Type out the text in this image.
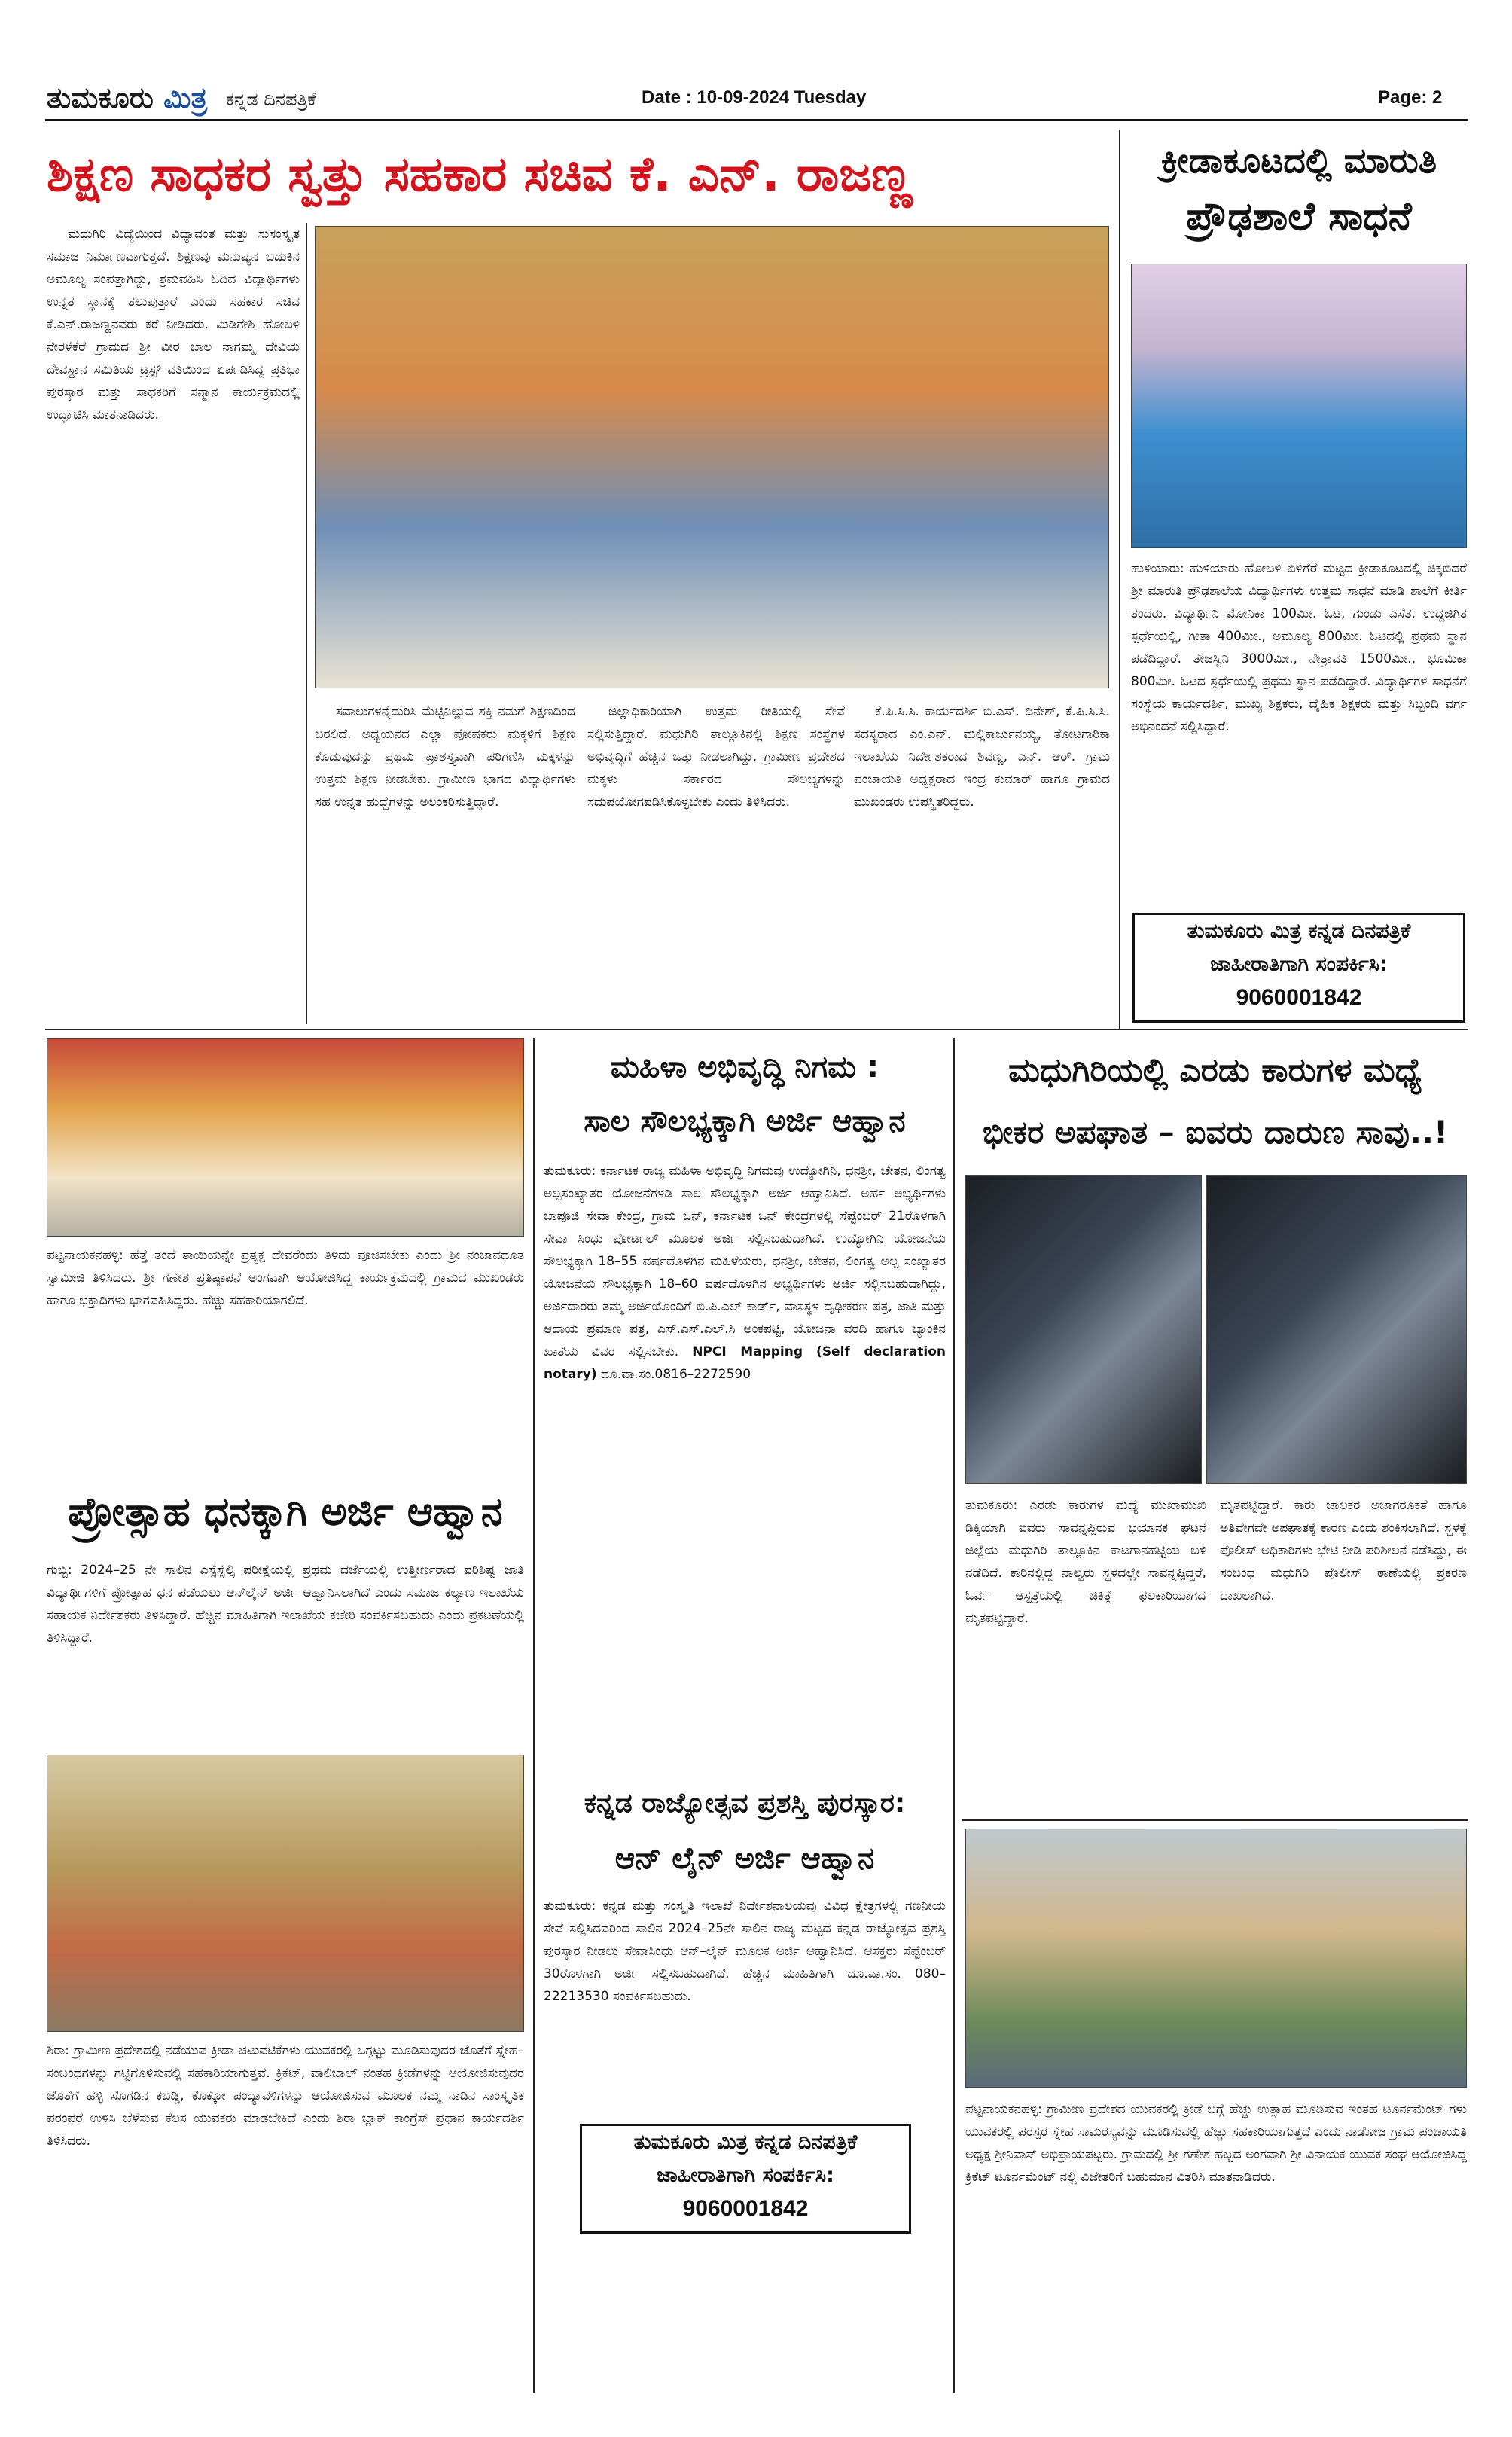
ತುಮಕೂರು ಮಿತ್ರ ಕನ್ನಡ ದಿನಪತ್ರಿಕೆ	Date : 10-09-2024 Tuesday	Page: 2
ಶಿಕ್ಷಣ ಸಾಧಕರ ಸ್ವತ್ತು ಸಹಕಾರ ಸಚಿವ ಕೆ. ಎನ್. ರಾಜಣ್ಣ

ಮಧುಗಿರಿ ವಿದ್ಯೆಯಿಂದ ವಿದ್ಯಾವಂತ ಮತ್ತು ಸುಸಂಸ್ಕೃತ ಸಮಾಜ ನಿರ್ಮಾಣವಾಗುತ್ತದೆ. ಶಿಕ್ಷಣವು ಮನುಷ್ಯನ ಬದುಕಿನ ಅಮೂಲ್ಯ ಸಂಪತ್ತಾಗಿದ್ದು, ಶ್ರಮವಹಿಸಿ ಓದಿದ ವಿದ್ಯಾರ್ಥಿಗಳು ಉನ್ನತ ಸ್ಥಾನಕ್ಕೆ ತಲುಪುತ್ತಾರೆ ಎಂದು ಸಹಕಾರ ಸಚಿವ ಕೆ.ಎನ್.ರಾಜಣ್ಣನವರು ಕರೆ ನೀಡಿದರು. ಮಿಡಿಗೇಶಿ ಹೋಬಳಿ ನೇರಳೆಕೆರೆ ಗ್ರಾಮದ ಶ್ರೀ ವೀರ ಬಾಲ ನಾಗಮ್ಮ ದೇವಿಯ ದೇವಸ್ಥಾನ ಸಮಿತಿಯ ಟ್ರಸ್ಟ್ ವತಿಯಿಂದ ಏರ್ಪಡಿಸಿದ್ದ ಪ್ರತಿಭಾ ಪುರಸ್ಕಾರ ಮತ್ತು ಸಾಧಕರಿಗೆ ಸನ್ಮಾನ ಕಾರ್ಯಕ್ರಮದಲ್ಲಿ ಉದ್ಘಾಟಿಸಿ ಮಾತನಾಡಿದರು.

ಸವಾಲುಗಳನ್ನೆದುರಿಸಿ ಮೆಟ್ಟಿನಿಲ್ಲುವ ಶಕ್ತಿ ನಮಗೆ ಶಿಕ್ಷಣದಿಂದ ಬರಲಿದೆ. ಅಧ್ಯಯನದ ಎಲ್ಲಾ ಪೋಷಕರು ಮಕ್ಕಳಿಗೆ ಶಿಕ್ಷಣ ಕೊಡುವುದನ್ನು ಪ್ರಥಮ ಪ್ರಾಶಸ್ತ್ಯವಾಗಿ ಪರಿಗಣಿಸಿ ಮಕ್ಕಳನ್ನು ಉತ್ತಮ ಶಿಕ್ಷಣ ನೀಡಬೇಕು. ಗ್ರಾಮೀಣ ಭಾಗದ ವಿದ್ಯಾರ್ಥಿಗಳು ಸಹ ಉನ್ನತ ಹುದ್ದೆಗಳನ್ನು ಅಲಂಕರಿಸುತ್ತಿದ್ದಾರೆ.

ಜಿಲ್ಲಾಧಿಕಾರಿಯಾಗಿ ಉತ್ತಮ ರೀತಿಯಲ್ಲಿ ಸೇವೆ ಸಲ್ಲಿಸುತ್ತಿದ್ದಾರೆ. ಮಧುಗಿರಿ ತಾಲ್ಲೂಕಿನಲ್ಲಿ ಶಿಕ್ಷಣ ಸಂಸ್ಥೆಗಳ ಅಭಿವೃದ್ಧಿಗೆ ಹೆಚ್ಚಿನ ಒತ್ತು ನೀಡಲಾಗಿದ್ದು, ಗ್ರಾಮೀಣ ಪ್ರದೇಶದ ಮಕ್ಕಳು ಸರ್ಕಾರದ ಸೌಲಭ್ಯಗಳನ್ನು ಸದುಪಯೋಗಪಡಿಸಿಕೊಳ್ಳಬೇಕು ಎಂದು ತಿಳಿಸಿದರು.

ಕೆ.ಪಿ.ಸಿ.ಸಿ. ಕಾರ್ಯದರ್ಶಿ ಬಿ.ಎಸ್. ದಿನೇಶ್, ಕೆ.ಪಿ.ಸಿ.ಸಿ. ಸದಸ್ಯರಾದ ಎಂ.ಎನ್. ಮಲ್ಲಿಕಾರ್ಜುನಯ್ಯ, ತೋಟಗಾರಿಕಾ ಇಲಾಖೆಯ ನಿರ್ದೇಶಕರಾದ ಶಿವಣ್ಣ, ಎನ್. ಆರ್. ಗ್ರಾಮ ಪಂಚಾಯತಿ ಅಧ್ಯಕ್ಷರಾದ ಇಂದ್ರ ಕುಮಾರ್ ಹಾಗೂ ಗ್ರಾಮದ ಮುಖಂಡರು ಉಪಸ್ಥಿತರಿದ್ದರು.

ಕ್ರೀಡಾಕೂಟದಲ್ಲಿ ಮಾರುತಿ
ಪ್ರೌಢಶಾಲೆ ಸಾಧನೆ
ಹುಳಿಯಾರು: ಹುಳಿಯಾರು ಹೋಬಳಿ ಬಿಳಿಗೆರೆ ಮಟ್ಟದ ಕ್ರೀಡಾಕೂಟದಲ್ಲಿ ಚಿಕ್ಕಬಿದರೆ ಶ್ರೀ ಮಾರುತಿ ಪ್ರೌಢಶಾಲೆಯ ವಿದ್ಯಾರ್ಥಿಗಳು ಉತ್ತಮ ಸಾಧನೆ ಮಾಡಿ ಶಾಲೆಗೆ ಕೀರ್ತಿ ತಂದರು. ವಿದ್ಯಾರ್ಥಿನಿ ಮೋನಿಕಾ 100ಮೀ. ಓಟ, ಗುಂಡು ಎಸೆತ, ಉದ್ದಜಿಗಿತ ಸ್ಪರ್ಧೆಯಲ್ಲಿ, ಗೀತಾ 400ಮೀ., ಅಮೂಲ್ಯ 800ಮೀ. ಓಟದಲ್ಲಿ ಪ್ರಥಮ ಸ್ಥಾನ ಪಡೆದಿದ್ದಾರೆ. ತೇಜಸ್ವಿನಿ 3000ಮೀ., ನೇತ್ರಾವತಿ 1500ಮೀ., ಭೂಮಿಕಾ 800ಮೀ. ಓಟದ ಸ್ಪರ್ಧೆಯಲ್ಲಿ ಪ್ರಥಮ ಸ್ಥಾನ ಪಡೆದಿದ್ದಾರೆ. ವಿದ್ಯಾರ್ಥಿಗಳ ಸಾಧನೆಗೆ ಸಂಸ್ಥೆಯ ಕಾರ್ಯದರ್ಶಿ, ಮುಖ್ಯ ಶಿಕ್ಷಕರು, ದೈಹಿಕ ಶಿಕ್ಷಕರು ಮತ್ತು ಸಿಬ್ಬಂದಿ ವರ್ಗ ಅಭಿನಂದನೆ ಸಲ್ಲಿಸಿದ್ದಾರೆ.
ತುಮಕೂರು ಮಿತ್ರ ಕನ್ನಡ ದಿನಪತ್ರಿಕೆ
ಜಾಹೀರಾತಿಗಾಗಿ ಸಂಪರ್ಕಿಸಿ:
9060001842
ಪಟ್ಟನಾಯಕನಹಳ್ಳಿ: ಹೆತ್ತೆ ತಂದೆ ತಾಯಿಯನ್ನೇ ಪ್ರತ್ಯಕ್ಷ ದೇವರೆಂದು ತಿಳಿದು ಪೂಜಿಸಬೇಕು ಎಂದು ಶ್ರೀ ನಂಜಾವಧೂತ ಸ್ವಾಮೀಜಿ ತಿಳಿಸಿದರು. ಶ್ರೀ ಗಣೇಶ ಪ್ರತಿಷ್ಠಾಪನೆ ಅಂಗವಾಗಿ ಆಯೋಜಿಸಿದ್ದ ಕಾರ್ಯಕ್ರಮದಲ್ಲಿ ಗ್ರಾಮದ ಮುಖಂಡರು ಹಾಗೂ ಭಕ್ತಾದಿಗಳು ಭಾಗವಹಿಸಿದ್ದರು. ಹೆಚ್ಚು ಸಹಕಾರಿಯಾಗಲಿದೆ.
ಪ್ರೋತ್ಸಾಹ ಧನಕ್ಕಾಗಿ ಅರ್ಜಿ ಆಹ್ವಾನ
ಗುಬ್ಬಿ: 2024–25 ನೇ ಸಾಲಿನ ಎಸ್ಸೆಸ್ಸೆಲ್ಸಿ ಪರೀಕ್ಷೆಯಲ್ಲಿ ಪ್ರಥಮ ದರ್ಜೆಯಲ್ಲಿ ಉತ್ತೀರ್ಣರಾದ ಪರಿಶಿಷ್ಟ ಜಾತಿ ವಿದ್ಯಾರ್ಥಿಗಳಿಗೆ ಪ್ರೋತ್ಸಾಹ ಧನ ಪಡೆಯಲು ಆನ್‌ಲೈನ್ ಅರ್ಜಿ ಆಹ್ವಾನಿಸಲಾಗಿದೆ ಎಂದು ಸಮಾಜ ಕಲ್ಯಾಣ ಇಲಾಖೆಯ ಸಹಾಯಕ ನಿರ್ದೇಶಕರು ತಿಳಿಸಿದ್ದಾರೆ. ಹೆಚ್ಚಿನ ಮಾಹಿತಿಗಾಗಿ ಇಲಾಖೆಯ ಕಚೇರಿ ಸಂಪರ್ಕಿಸಬಹುದು ಎಂದು ಪ್ರಕಟಣೆಯಲ್ಲಿ ತಿಳಿಸಿದ್ದಾರೆ.
ಶಿರಾ: ಗ್ರಾಮೀಣ ಪ್ರದೇಶದಲ್ಲಿ ನಡೆಯುವ ಕ್ರೀಡಾ ಚಟುವಟಿಕೆಗಳು ಯುವಕರಲ್ಲಿ ಒಗ್ಗಟ್ಟು ಮೂಡಿಸುವುದರ ಜೊತೆಗೆ ಸ್ನೇಹ–ಸಂಬಂಧಗಳನ್ನು ಗಟ್ಟಿಗೊಳಿಸುವಲ್ಲಿ ಸಹಕಾರಿಯಾಗುತ್ತವೆ. ಕ್ರಿಕೆಟ್, ವಾಲಿಬಾಲ್ ನಂತಹ ಕ್ರೀಡೆಗಳನ್ನು ಆಯೋಜಿಸುವುದರ ಜೊತೆಗೆ ಹಳ್ಳಿ ಸೊಗಡಿನ ಕಬಡ್ಡಿ, ಕೊಕ್ಕೋ ಪಂದ್ಯಾವಳಿಗಳನ್ನು ಆಯೋಜಿಸುವ ಮೂಲಕ ನಮ್ಮ ನಾಡಿನ ಸಾಂಸ್ಕೃತಿಕ ಪರಂಪರೆ ಉಳಿಸಿ ಬೆಳೆಸುವ ಕೆಲಸ ಯುವಕರು ಮಾಡಬೇಕಿದೆ ಎಂದು ಶಿರಾ ಬ್ಲಾಕ್ ಕಾಂಗ್ರೆಸ್ ಪ್ರಧಾನ ಕಾರ್ಯದರ್ಶಿ ತಿಳಿಸಿದರು.
ಮಹಿಳಾ ಅಭಿವೃದ್ಧಿ ನಿಗಮ :
ಸಾಲ ಸೌಲಭ್ಯಕ್ಕಾಗಿ ಅರ್ಜಿ ಆಹ್ವಾನ
ತುಮಕೂರು: ಕರ್ನಾಟಕ ರಾಜ್ಯ ಮಹಿಳಾ ಅಭಿವೃದ್ಧಿ ನಿಗಮವು ಉದ್ಯೋಗಿನಿ, ಧನಶ್ರೀ, ಚೇತನ, ಲಿಂಗತ್ವ ಅಲ್ಪಸಂಖ್ಯಾತರ ಯೋಜನೆಗಳಡಿ ಸಾಲ ಸೌಲಭ್ಯಕ್ಕಾಗಿ ಅರ್ಜಿ ಆಹ್ವಾನಿಸಿದೆ. ಅರ್ಹ ಅಭ್ಯರ್ಥಿಗಳು ಬಾಪೂಜಿ ಸೇವಾ ಕೇಂದ್ರ, ಗ್ರಾಮ ಒನ್, ಕರ್ನಾಟಕ ಒನ್ ಕೇಂದ್ರಗಳಲ್ಲಿ ಸೆಪ್ಟೆಂಬರ್ 21ರೊಳಗಾಗಿ ಸೇವಾ ಸಿಂಧು ಪೋರ್ಟಲ್ ಮೂಲಕ ಅರ್ಜಿ ಸಲ್ಲಿಸಬಹುದಾಗಿದೆ. ಉದ್ಯೋಗಿನಿ ಯೋಜನೆಯ ಸೌಲಭ್ಯಕ್ಕಾಗಿ 18–55 ವರ್ಷದೊಳಗಿನ ಮಹಿಳೆಯರು, ಧನಶ್ರೀ, ಚೇತನ, ಲಿಂಗತ್ವ ಅಲ್ಪ ಸಂಖ್ಯಾತರ ಯೋಜನೆಯ ಸೌಲಭ್ಯಕ್ಕಾಗಿ 18–60 ವರ್ಷದೊಳಗಿನ ಅಭ್ಯರ್ಥಿಗಳು ಅರ್ಜಿ ಸಲ್ಲಿಸಬಹುದಾಗಿದ್ದು, ಅರ್ಜಿದಾರರು ತಮ್ಮ ಅರ್ಜಿಯೊಂದಿಗೆ ಬಿ.ಪಿ.ಎಲ್ ಕಾರ್ಡ್, ವಾಸಸ್ಥಳ ದೃಢೀಕರಣ ಪತ್ರ, ಜಾತಿ ಮತ್ತು ಆದಾಯ ಪ್ರಮಾಣ ಪತ್ರ, ಎಸ್.ಎಸ್.ಎಲ್.ಸಿ ಅಂಕಪಟ್ಟಿ, ಯೋಜನಾ ವರದಿ ಹಾಗೂ ಬ್ಯಾಂಕಿನ ಖಾತೆಯ ವಿವರ ಸಲ್ಲಿಸಬೇಕು. NPCI Mapping (Self declaration notary) ದೂ.ವಾ.ಸಂ.0816–2272590
ಕನ್ನಡ ರಾಜ್ಯೋತ್ಸವ ಪ್ರಶಸ್ತಿ ಪುರಸ್ಕಾರ:
ಆನ್ ಲೈನ್ ಅರ್ಜಿ ಆಹ್ವಾನ
ತುಮಕೂರು: ಕನ್ನಡ ಮತ್ತು ಸಂಸ್ಕೃತಿ ಇಲಾಖೆ ನಿರ್ದೇಶನಾಲಯವು ವಿವಿಧ ಕ್ಷೇತ್ರಗಳಲ್ಲಿ ಗಣನೀಯ ಸೇವೆ ಸಲ್ಲಿಸಿದವರಿಂದ ಸಾಲಿನ 2024–25ನೇ ಸಾಲಿನ ರಾಜ್ಯ ಮಟ್ಟದ ಕನ್ನಡ ರಾಜ್ಯೋತ್ಸವ ಪ್ರಶಸ್ತಿ ಪುರಸ್ಕಾರ ನೀಡಲು ಸೇವಾಸಿಂಧು ಆನ್–ಲೈನ್ ಮೂಲಕ ಅರ್ಜಿ ಆಹ್ವಾನಿಸಿದೆ. ಆಸಕ್ತರು ಸೆಪ್ಟೆಂಬರ್ 30ರೊಳಗಾಗಿ ಅರ್ಜಿ ಸಲ್ಲಿಸಬಹುದಾಗಿದೆ. ಹೆಚ್ಚಿನ ಮಾಹಿತಿಗಾಗಿ ದೂ.ವಾ.ಸಂ. 080–22213530 ಸಂಪರ್ಕಿಸಬಹುದು.
ತುಮಕೂರು ಮಿತ್ರ ಕನ್ನಡ ದಿನಪತ್ರಿಕೆ
ಜಾಹೀರಾತಿಗಾಗಿ ಸಂಪರ್ಕಿಸಿ:
9060001842
ಮಧುಗಿರಿಯಲ್ಲಿ ಎರಡು ಕಾರುಗಳ ಮಧ್ಯೆ
ಭೀಕರ ಅಪಘಾತ – ಐವರು ದಾರುಣ ಸಾವು..!
ತುಮಕೂರು: ಎರಡು ಕಾರುಗಳ ಮಧ್ಯೆ ಮುಖಾಮುಖಿ ಡಿಕ್ಕಿಯಾಗಿ ಐವರು ಸಾವನ್ನಪ್ಪಿರುವ ಭಯಾನಕ ಘಟನೆ ಜಿಲ್ಲೆಯ ಮಧುಗಿರಿ ತಾಲ್ಲೂಕಿನ ಕಾಟಗಾನಹಟ್ಟಿಯ ಬಳಿ ನಡೆದಿದೆ. ಕಾರಿನಲ್ಲಿದ್ದ ನಾಲ್ವರು ಸ್ಥಳದಲ್ಲೇ ಸಾವನ್ನಪ್ಪಿದ್ದರೆ, ಓರ್ವ ಆಸ್ಪತ್ರೆಯಲ್ಲಿ ಚಿಕಿತ್ಸೆ ಫಲಕಾರಿಯಾಗದೆ ಮೃತಪಟ್ಟಿದ್ದಾರೆ.
ಮೃತಪಟ್ಟಿದ್ದಾರೆ. ಕಾರು ಚಾಲಕರ ಅಜಾಗರೂಕತೆ ಹಾಗೂ ಅತಿವೇಗವೇ ಅಪಘಾತಕ್ಕೆ ಕಾರಣ ಎಂದು ಶಂಕಿಸಲಾಗಿದೆ. ಸ್ಥಳಕ್ಕೆ ಪೊಲೀಸ್ ಅಧಿಕಾರಿಗಳು ಭೇಟಿ ನೀಡಿ ಪರಿಶೀಲನೆ ನಡೆಸಿದ್ದು, ಈ ಸಂಬಂಧ ಮಧುಗಿರಿ ಪೊಲೀಸ್ ಠಾಣೆಯಲ್ಲಿ ಪ್ರಕರಣ ದಾಖಲಾಗಿದೆ.
ಪಟ್ಟನಾಯಕನಹಳ್ಳಿ: ಗ್ರಾಮೀಣ ಪ್ರದೇಶದ ಯುವಕರಲ್ಲಿ ಕ್ರೀಡೆ ಬಗ್ಗೆ ಹೆಚ್ಚು ಉತ್ಸಾಹ ಮೂಡಿಸುವ ಇಂತಹ ಟೂರ್ನಮೆಂಟ್ ಗಳು ಯುವಕರಲ್ಲಿ ಪರಸ್ಪರ ಸ್ನೇಹ ಸಾಮರಸ್ಯವನ್ನು ಮೂಡಿಸುವಲ್ಲಿ ಹೆಚ್ಚು ಸಹಕಾರಿಯಾಗುತ್ತದೆ ಎಂದು ನಾಡೋಜ ಗ್ರಾಮ ಪಂಚಾಯತಿ ಅಧ್ಯಕ್ಷ ಶ್ರೀನಿವಾಸ್ ಅಭಿಪ್ರಾಯಪಟ್ಟರು. ಗ್ರಾಮದಲ್ಲಿ ಶ್ರೀ ಗಣೇಶ ಹಬ್ಬದ ಅಂಗವಾಗಿ ಶ್ರೀ ವಿನಾಯಕ ಯುವಕ ಸಂಘ ಆಯೋಜಿಸಿದ್ದ ಕ್ರಿಕೆಟ್ ಟೂರ್ನಮೆಂಟ್ ನಲ್ಲಿ ವಿಜೇತರಿಗೆ ಬಹುಮಾನ ವಿತರಿಸಿ ಮಾತನಾಡಿದರು.
